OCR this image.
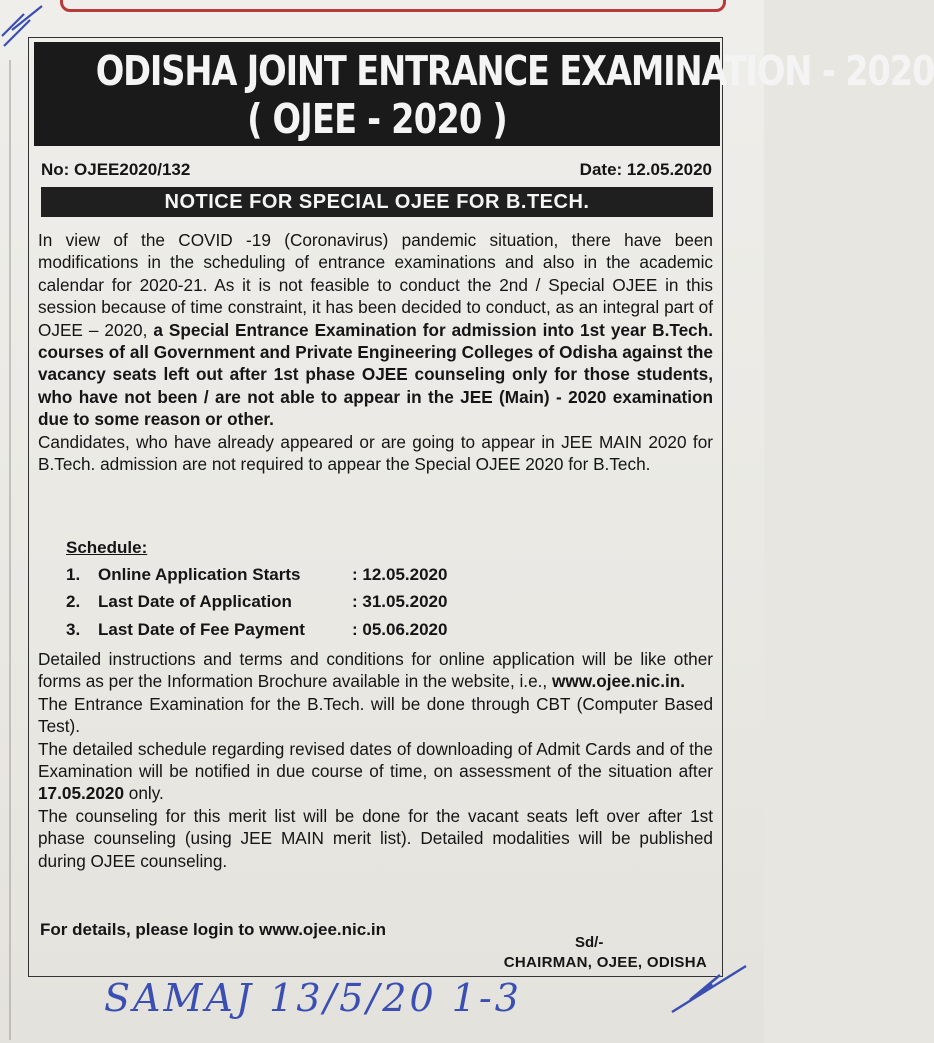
ODISHA JOINT ENTRANCE EXAMINATION - 2020
( OJEE - 2020 )
No: OJEE2020/132	Date: 12.05.2020
NOTICE FOR SPECIAL OJEE FOR B.TECH.

In view of the COVID -19 (Coronavirus) pandemic situation, there have been modifications in the scheduling of entrance examinations and also in the academic calendar for 2020-21. As it is not feasible to conduct the 2nd / Special OJEE in this session because of time constraint, it has been decided to conduct, as an integral part of OJEE – 2020, a Special Entrance Examination for admission into 1st year B.Tech. courses of all Government and Private Engineering Colleges of Odisha against the vacancy seats left out after 1st phase OJEE counseling only for those students, who have not been / are not able to appear in the JEE (Main) - 2020 examination due to some reason or other.

Candidates, who have already appeared or are going to appear in JEE MAIN 2020 for B.Tech. admission are not required to appear the Special OJEE 2020 for B.Tech.

Schedule:
1. Online Application Starts	: 12.05.2020
2. Last Date of Application	: 31.05.2020
3. Last Date of Fee Payment	: 05.06.2020

Detailed instructions and terms and conditions for online application will be like other forms as per the Information Brochure available in the website, i.e., www.ojee.nic.in.

The Entrance Examination for the B.Tech. will be done through CBT (Computer Based Test).

The detailed schedule regarding revised dates of downloading of Admit Cards and of the Examination will be notified in due course of time, on assessment of the situation after 17.05.2020 only.

The counseling for this merit list will be done for the vacant seats left over after 1st phase counseling (using JEE MAIN merit list). Detailed modalities will be published during OJEE counseling.

For details, please login to www.ojee.nic.in
Sd/-
CHAIRMAN, OJEE, ODISHA
SAMAJ 13/5/20 1-3
